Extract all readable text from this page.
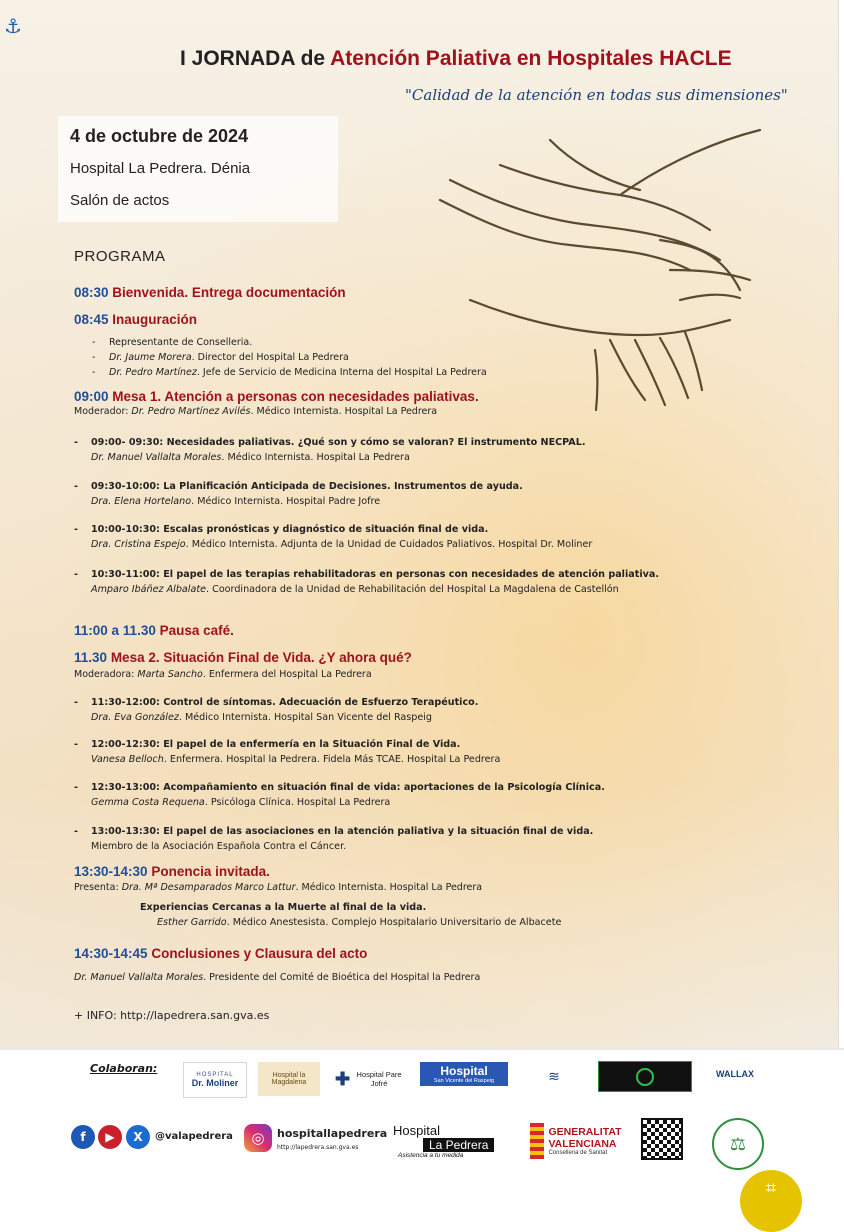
⚓
I JORNADA de Atención Paliativa en Hospitales HACLE
"Calidad de la atención en todas sus dimensiones"
4 de octubre de 2024
Hospital La Pedrera. Dénia
Salón de actos
PROGRAMA
08:30 Bienvenida. Entrega documentación
08:45 Inauguración
- Representante de Conselleria.
- Dr. Jaume Morera. Director del Hospital La Pedrera
- Dr. Pedro Martínez. Jefe de Servicio de Medicina Interna del Hospital La Pedrera
09:00 Mesa 1. Atención a personas con necesidades paliativas.
Moderador: Dr. Pedro Martínez Avilés. Médico Internista. Hospital La Pedrera
- 09:00- 09:30: Necesidades paliativas. ¿Qué son y cómo se valoran? El instrumento NECPAL.
Dr. Manuel Vallalta Morales. Médico Internista. Hospital La Pedrera
- 09:30-10:00: La Planificación Anticipada de Decisiones. Instrumentos de ayuda.
Dra. Elena Hortelano. Médico Internista. Hospital Padre Jofre
- 10:00-10:30: Escalas pronósticas y diagnóstico de situación final de vida.
Dra. Cristina Espejo. Médico Internista. Adjunta de la Unidad de Cuidados Paliativos. Hospital Dr. Moliner
- 10:30-11:00: El papel de las terapias rehabilitadoras en personas con necesidades de atención paliativa.
Amparo Ibáñez Albalate. Coordinadora de la Unidad de Rehabilitación del Hospital La Magdalena de Castellón
11:00 a 11.30 Pausa café.
11.30 Mesa 2. Situación Final de Vida. ¿Y ahora qué?
Moderadora: Marta Sancho. Enfermera del Hospital La Pedrera
- 11:30-12:00: Control de síntomas. Adecuación de Esfuerzo Terapéutico.
Dra. Eva González. Médico Internista. Hospital San Vicente del Raspeig
- 12:00-12:30: El papel de la enfermería en la Situación Final de Vida.
Vanesa Belloch. Enfermera. Hospital la Pedrera. Fidela Más TCAE. Hospital La Pedrera
- 12:30-13:00: Acompañamiento en situación final de vida: aportaciones de la Psicología Clínica.
Gemma Costa Requena. Psicóloga Clínica. Hospital La Pedrera
- 13:00-13:30: El papel de las asociaciones en la atención paliativa y la situación final de vida.
Miembro de la Asociación Española Contra el Cáncer.
13:30-14:30 Ponencia invitada.
Presenta: Dra. Mª Desamparados Marco Lattur. Médico Internista. Hospital La Pedrera
Experiencias Cercanas a la Muerte al final de la vida.
Esther Garrido. Médico Anestesista. Complejo Hospitalario Universitario de Albacete
14:30-14:45 Conclusiones y Clausura del acto
Dr. Manuel Vallalta Morales. Presidente del Comité de Bioética del Hospital la Pedrera
+ INFO: http://lapedrera.san.gva.es
Colaboran:	HOSPITAL
Dr. Moliner
Hospital la Magdalena	✚ Hospital Pare Jofré
Hospital
San Vicente del Raspeig	≋	WALLAX
f	▶	X	@valapedrera	◎	hospitallapedrera
http://lapedrera.san.gva.es
Hospital
La Pedrera
Asistencia a tu medida
GENERALITAT
VALENCIANA
Conselleria de Sanitat	⚖
⌗
